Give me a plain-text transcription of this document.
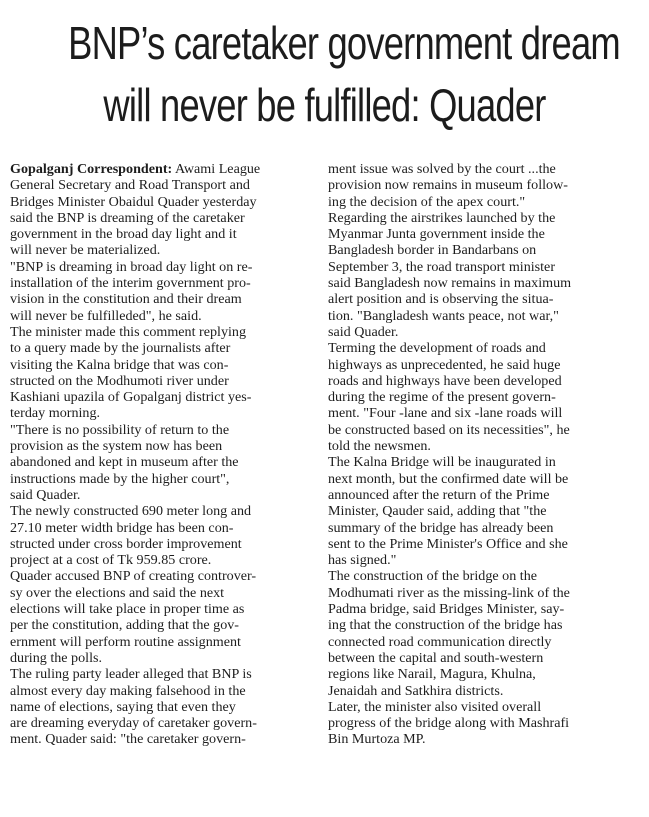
BNP’s caretaker government dream
will never be fulfilled: Quader
Gopalganj Correspondent: Awami League
General Secretary and Road Transport and
Bridges Minister Obaidul Quader yesterday
said the BNP is dreaming of the caretaker
government in the broad day light and it
will never be materialized.
"BNP is dreaming in broad day light on re-
installation of the interim government pro-
vision in the constitution and their dream
will never be fulfilleded", he said.
The minister made this comment replying
to a query made by the journalists after
visiting the Kalna bridge that was con-
structed on the Modhumoti river under
Kashiani upazila of Gopalganj district yes-
terday morning.
"There is no possibility of return to the
provision as the system now has been
abandoned and kept in museum after the
instructions made by the higher court",
said Quader.
The newly constructed 690 meter long and
27.10 meter width bridge has been con-
structed under cross border improvement
project at a cost of Tk 959.85 crore.
Quader accused BNP of creating controver-
sy over the elections and said the next
elections will take place in proper time as
per the constitution, adding that the gov-
ernment will perform routine assignment
during the polls.
The ruling party leader alleged that BNP is
almost every day making falsehood in the
name of elections, saying that even they
are dreaming everyday of caretaker govern-
ment. Quader said: "the caretaker govern-
ment issue was solved by the court ...the
provision now remains in museum follow-
ing the decision of the apex court."
Regarding the airstrikes launched by the
Myanmar Junta government inside the
Bangladesh border in Bandarbans on
September 3, the road transport minister
said Bangladesh now remains in maximum
alert position and is observing the situa-
tion. "Bangladesh wants peace, not war,"
said Quader.
Terming the development of roads and
highways as unprecedented, he said huge
roads and highways have been developed
during the regime of the present govern-
ment. "Four -lane and six -lane roads will
be constructed based on its necessities", he
told the newsmen.
The Kalna Bridge will be inaugurated in
next month, but the confirmed date will be
announced after the return of the Prime
Minister, Qauder said, adding that "the
summary of the bridge has already been
sent to the Prime Minister's Office and she
has signed."
The construction of the bridge on the
Modhumati river as the missing-link of the
Padma bridge, said Bridges Minister, say-
ing that the construction of the bridge has
connected road communication directly
between the capital and south-western
regions like Narail, Magura, Khulna,
Jenaidah and Satkhira districts.
Later, the minister also visited overall
progress of the bridge along with Mashrafi
Bin Murtoza MP.
